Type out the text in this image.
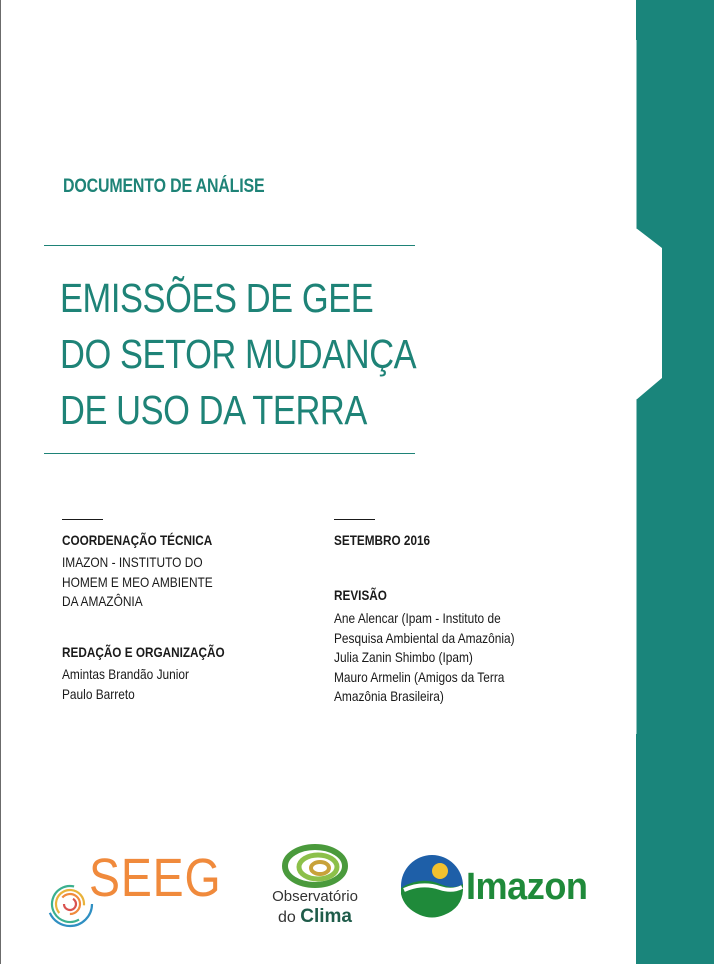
DOCUMENTO DE ANÁLISE
EMISSÕES DE GEE
DO SETOR MUDANÇA
DE USO DA TERRA
COORDENAÇÃO TÉCNICA
IMAZON - INSTITUTO DO
HOMEM E MEO AMBIENTE
DA AMAZÔNIA
REDAÇÃO E ORGANIZAÇÃO
Amintas Brandão Junior
Paulo Barreto
SETEMBRO 2016
REVISÃO
Ane Alencar (Ipam - Instituto de
Pesquisa Ambiental da Amazônia)
Julia Zanin Shimbo (Ipam)
Mauro Armelin (Amigos da Terra
Amazônia Brasileira)
SEEG	Observatório
do Clima
Imazon
